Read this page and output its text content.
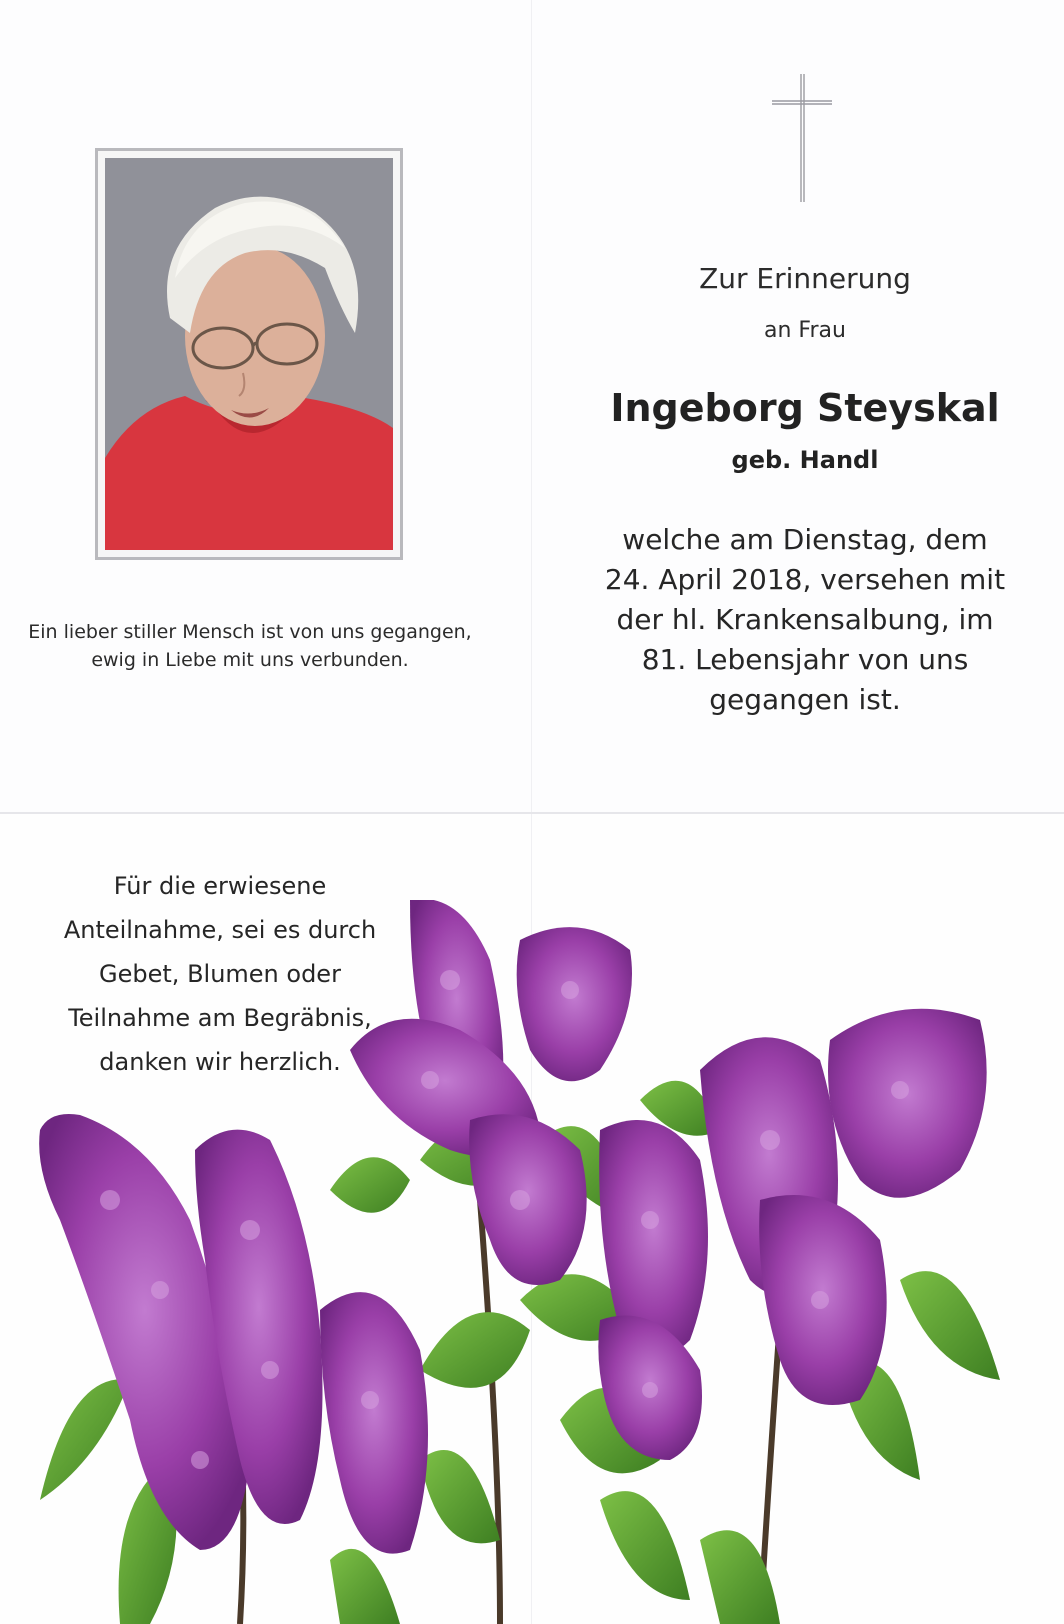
Ein lieber stiller Mensch ist von uns gegangen,
ewig in Liebe mit uns verbunden.
Zur Erinnerung
an Frau
Ingeborg Steyskal
geb. Handl
welche am Dienstag, dem
24. April 2018, versehen mit
der hl. Krankensalbung, im
81. Lebensjahr von uns
gegangen ist.
Für die erwiesene
Anteilnahme, sei es durch
Gebet, Blumen oder
Teilnahme am Begräbnis,
danken wir herzlich.
